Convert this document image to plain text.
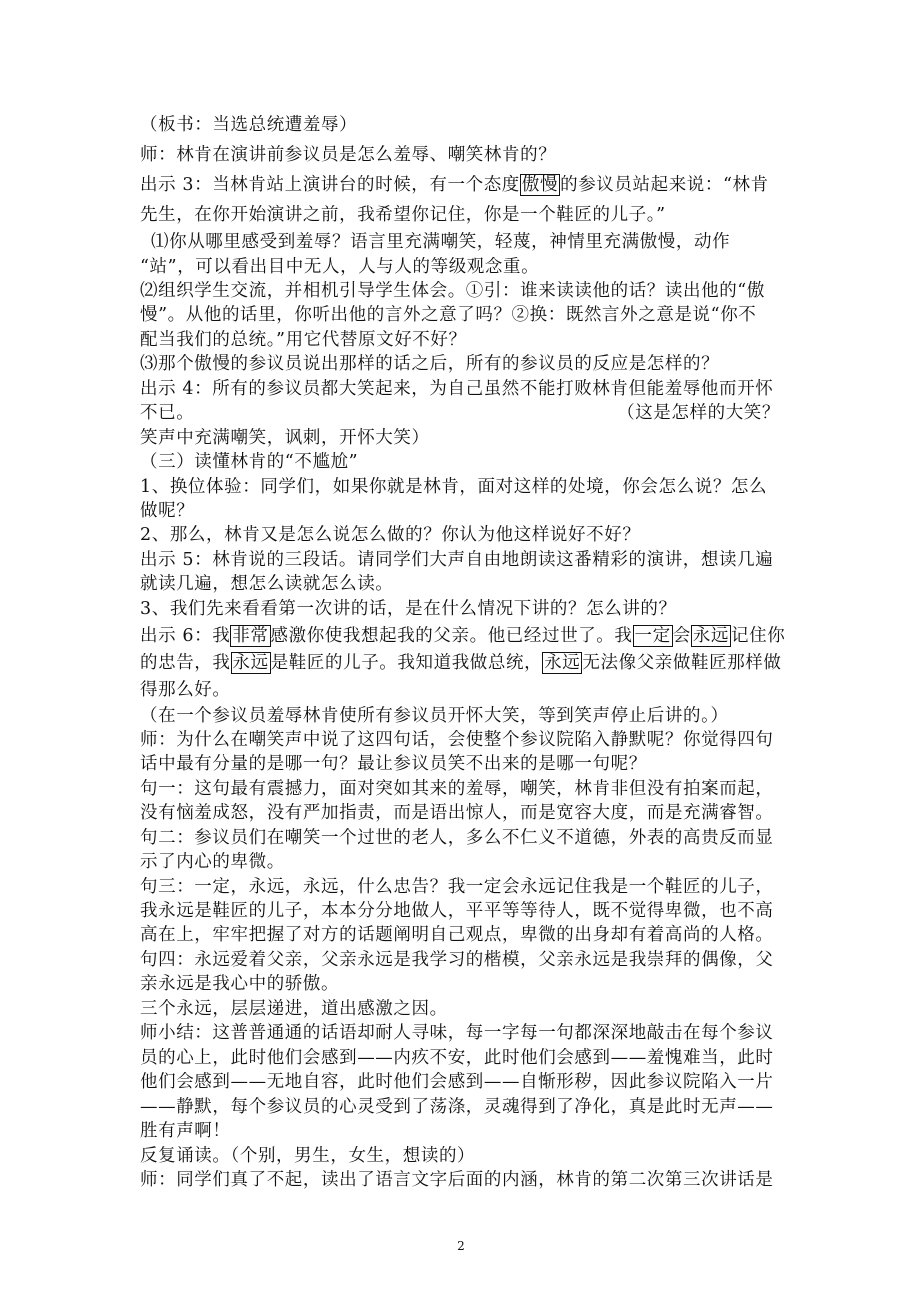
（板书：当选总统遭羞辱）
师：林肯在演讲前参议员是怎么羞辱、嘲笑林肯的？
出示 3：当林肯站上演讲台的时候，有一个态度 傲慢 的参议员站起来说：“林肯
先生，在你开始演讲之前，我希望你记住，你是一个鞋匠的儿子。”
⑴你从哪里感受到羞辱？语言里充满嘲笑，轻蔑，神情里充满傲慢，动作
“站”，可以看出目中无人，人与人的等级观念重。
⑵组织学生交流，并相机引导学生体会。①引：谁来读读他的话？读出他的“傲
慢”。从他的话里，你听出他的言外之意了吗？②换：既然言外之意是说“你不
配当我们的总统。”用它代替原文好不好？
⑶那个傲慢的参议员说出那样的话之后，所有的参议员的反应是怎样的？
出示 4：所有的参议员都大笑起来，为自己虽然不能打败林肯但能羞辱他而开怀
不已。	（这是怎样的大笑？
笑声中充满嘲笑，讽刺，开怀大笑）
（三）读懂林肯的“不尴尬”
1、换位体验：同学们，如果你就是林肯，面对这样的处境，你会怎么说？怎么
做呢？
2、那么，林肯又是怎么说怎么做的？你认为他这样说好不好？
出示 5：林肯说的三段话。请同学们大声自由地朗读这番精彩的演讲，想读几遍
就读几遍，想怎么读就怎么读。
3、我们先来看看第一次讲的话，是在什么情况下讲的？怎么讲的？
出示 6：我 非常 感激你使我想起我的父亲。他已经过世了。我 一定 会 永远 记住你
的忠告，我 永远 是鞋匠的儿子。我知道我做总统， 永远 无法像父亲做鞋匠那样做
得那么好。
（在一个参议员羞辱林肯使所有参议员开怀大笑，等到笑声停止后讲的。）
师：为什么在嘲笑声中说了这四句话，会使整个参议院陷入静默呢？你觉得四句
话中最有分量的是哪一句？最让参议员笑不出来的是哪一句呢？
句一：这句最有震撼力，面对突如其来的羞辱，嘲笑，林肯非但没有拍案而起，
没有恼羞成怒，没有严加指责，而是语出惊人，而是宽容大度，而是充满睿智。
句二：参议员们在嘲笑一个过世的老人，多么不仁义不道德，外表的高贵反而显
示了内心的卑微。
句三：一定，永远，永远，什么忠告？我一定会永远记住我是一个鞋匠的儿子，
我永远是鞋匠的儿子，本本分分地做人，平平等等待人，既不觉得卑微，也不高
高在上，牢牢把握了对方的话题阐明自己观点，卑微的出身却有着高尚的人格。
句四：永远爱着父亲，父亲永远是我学习的楷模，父亲永远是我崇拜的偶像，父
亲永远是我心中的骄傲。
三个永远，层层递进，道出感激之因。
师小结：这普普通通的话语却耐人寻味，每一字每一句都深深地敲击在每个参议
员的心上，此时他们会感到——内疚不安，此时他们会感到——羞愧难当，此时
他们会感到——无地自容，此时他们会感到——自惭形秽，因此参议院陷入一片
——静默，每个参议员的心灵受到了荡涤，灵魂得到了净化，真是此时无声——
胜有声啊！
反复诵读。（个别，男生，女生，想读的）
师：同学们真了不起，读出了语言文字后面的内涵，林肯的第二次第三次讲话是
2
